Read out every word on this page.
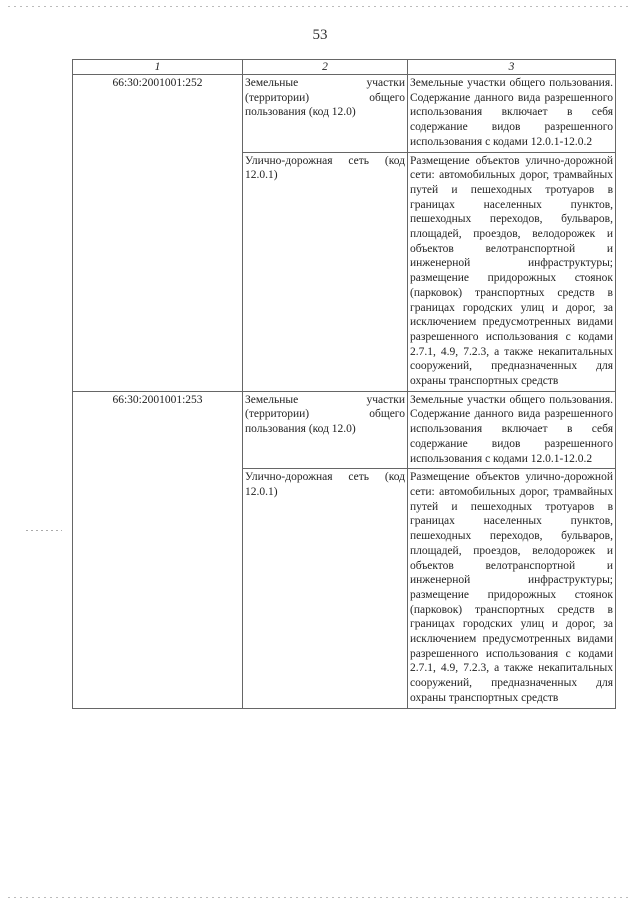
53
1	2	3
66:30:2001001:252	Земельные участки (территории) общего пользования (код 12.0)	Земельные участки общего пользования. Содержание данного вида разрешенного использования включает в себя содержание видов разрешенного использования с кодами 12.0.1-12.0.2
	Улично-дорожная сеть (код 12.0.1)	Размещение объектов улично-дорожной сети: автомобильных дорог, трамвайных путей и пешеходных тротуаров в границах населенных пунктов, пешеходных переходов, бульваров, площадей, проездов, велодорожек и объектов велотранспортной и инженерной инфраструктуры; размещение придорожных стоянок (парковок) транспортных средств в границах городских улиц и дорог, за исключением предусмотренных видами разрешенного использования с кодами 2.7.1, 4.9, 7.2.3, а также некапитальных сооружений, предназначенных для охраны транспортных средств
66:30:2001001:253	Земельные участки (территории) общего пользования (код 12.0)	Земельные участки общего пользования. Содержание данного вида разрешенного использования включает в себя содержание видов разрешенного использования с кодами 12.0.1-12.0.2
	Улично-дорожная сеть (код 12.0.1)	Размещение объектов улично-дорожной сети: автомобильных дорог, трамвайных путей и пешеходных тротуаров в границах населенных пунктов, пешеходных переходов, бульваров, площадей, проездов, велодорожек и объектов велотранспортной и инженерной инфраструктуры; размещение придорожных стоянок (парковок) транспортных средств в границах городских улиц и дорог, за исключением предусмотренных видами разрешенного использования с кодами 2.7.1, 4.9, 7.2.3, а также некапитальных сооружений, предназначенных для охраны транспортных средств
